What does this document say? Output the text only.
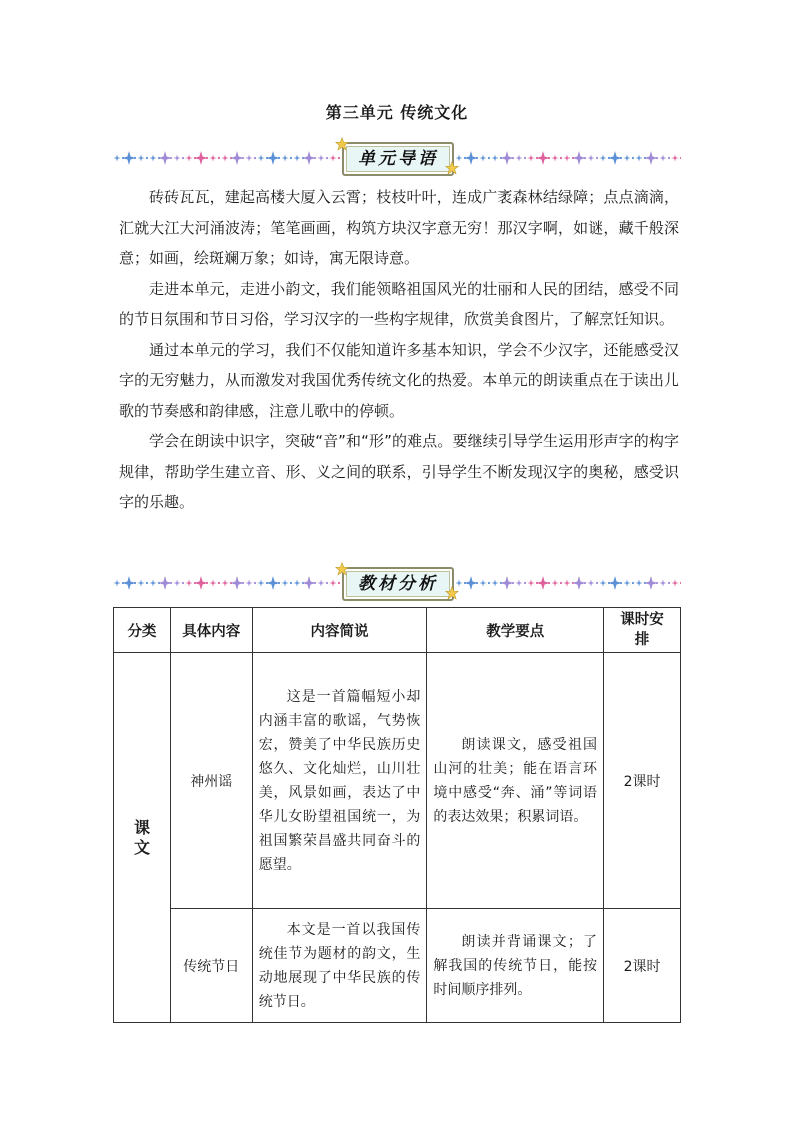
第三单元 传统文化
单元导语

砖砖瓦瓦，建起高楼大厦入云霄；枝枝叶叶，连成广袤森林结绿障；点点滴滴，汇就大江大河涌波涛；笔笔画画，构筑方块汉字意无穷！那汉字啊，如谜，藏千般深意；如画，绘斑斓万象；如诗，寓无限诗意。

走进本单元，走进小韵文，我们能领略祖国风光的壮丽和人民的团结，感受不同的节日氛围和节日习俗，学习汉字的一些构字规律，欣赏美食图片，了解烹饪知识。

通过本单元的学习，我们不仅能知道许多基本知识，学会不少汉字，还能感受汉字的无穷魅力，从而激发对我国优秀传统文化的热爱。本单元的朗读重点在于读出儿歌的节奏感和韵律感，注意儿歌中的停顿。

学会在朗读中识字，突破“音”和“形”的难点。要继续引导学生运用形声字的构字规律，帮助学生建立音、形、义之间的联系，引导学生不断发现汉字的奥秘，感受识字的乐趣。

教材分析
分类	具体内容	内容简说	教学要点	课时安排

课文	神州谣	这是一首篇幅短小却内涵丰富的歌谣，气势恢宏，赞美了中华民族历史悠久、文化灿烂，山川壮美，风景如画，表达了中华儿女盼望祖国统一，为祖国繁荣昌盛共同奋斗的愿望。	朗读课文，感受祖国山河的壮美；能在语言环境中感受“奔、涌”等词语的表达效果；积累词语。	2课时
	传统节日	本文是一首以我国传统佳节为题材的韵文，生动地展现了中华民族的传统节日。	朗读并背诵课文；了解我国的传统节日，能按时间顺序排列。	2课时
